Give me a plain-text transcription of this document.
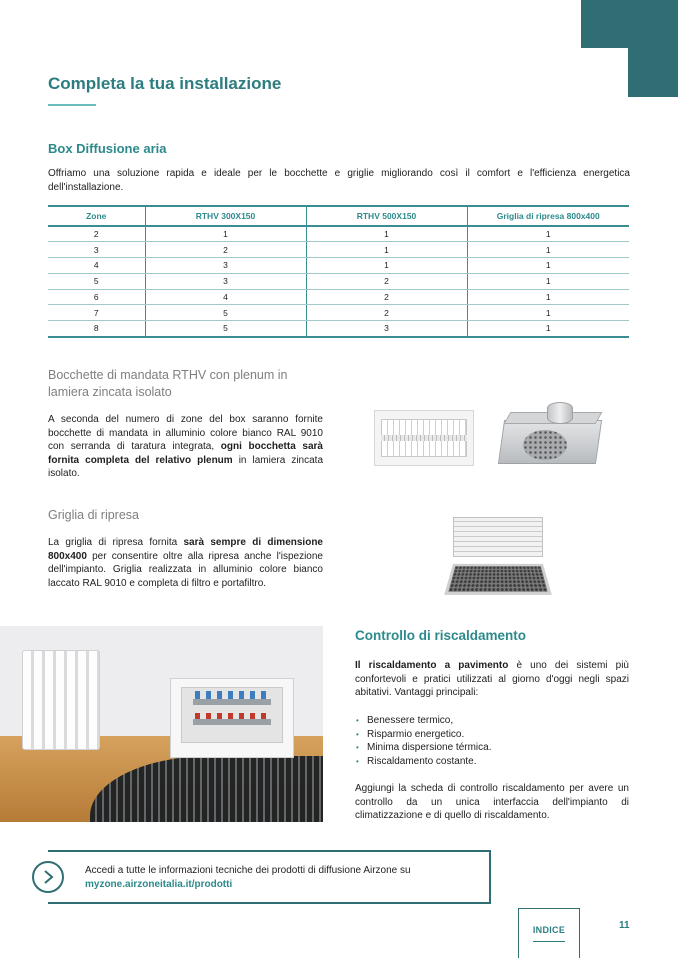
Completa la tua installazione
Box Diffusione aria
Offriamo una soluzione rapida e ideale per le bocchette e griglie migliorando così il comfort e l'efficienza energetica dell'installazione.
Zone	RTHV 300X150	RTHV 500X150	Griglia di ripresa 800x400
2	1	1	1
3	2	1	1
4	3	1	1
5	3	2	1
6	4	2	1
7	5	2	1
8	5	3	1
Bocchette di mandata RTHV con plenum in lamiera zincata isolato
A seconda del numero di zone del box saranno fornite bocchette di mandata in alluminio colore bianco RAL 9010 con serranda di taratura integrata, ogni bocchetta sarà fornita completa del relativo plenum in lamiera zincata isolato.
Griglia di ripresa
La griglia di ripresa fornita sarà sempre di dimensione 800x400 per consentire oltre alla ripresa anche l'ispezione dell'impianto. Griglia realizzata in alluminio colore bianco laccato RAL 9010 e completa di filtro e portafiltro.
Controllo di riscaldamento
Il riscaldamento a pavimento è uno dei sistemi più confortevoli e pratici utilizzati al giorno d'oggi negli spazi abitativi. Vantaggi principali:
• Benessere termico,
• Risparmio energetico.
• Minima dispersione térmica.
• Riscaldamento costante.
Aggiungi la scheda di controllo riscaldamento per avere un controllo da un unica interfaccia dell'impianto di climatizzazione e di quello di riscaldamento.
Accedi a tutte le informazioni tecniche dei prodotti di diffusione Airzone su
myzone.airzoneitalia.it/prodotti
INDICE	11
